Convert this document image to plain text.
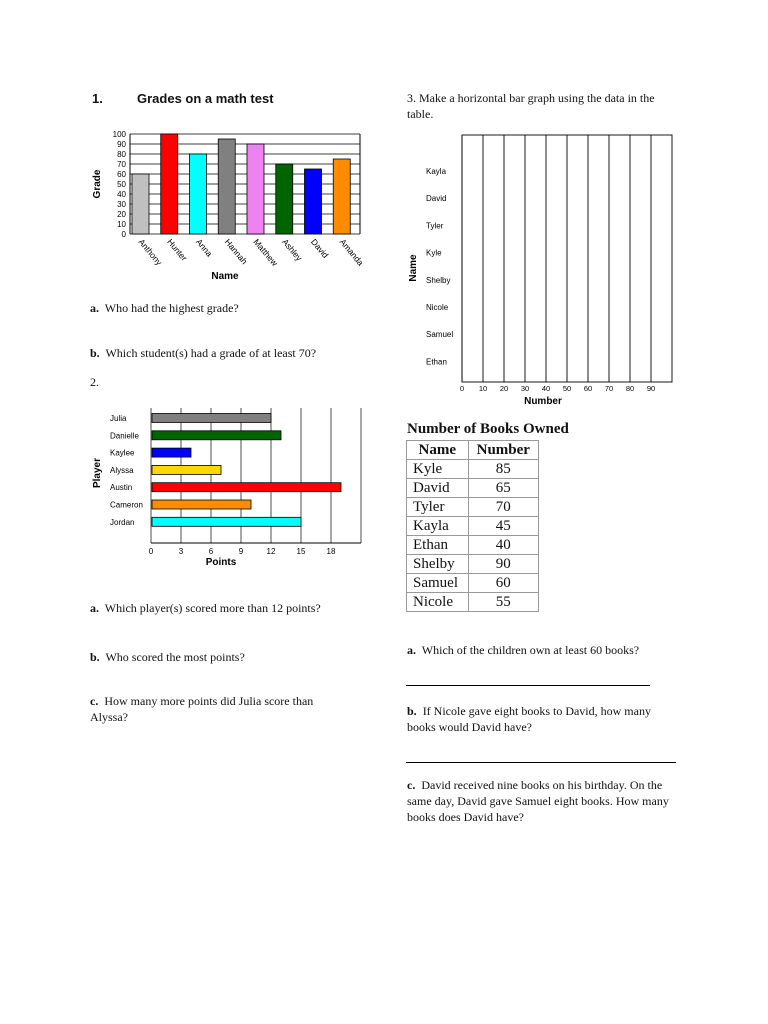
1.	Grades on a math test
0
10
20
30
40
50
60
70
80
90
100
Anthony Hunter Anna Hannah Matthew Ashley David Amanda
Grade
Name
a. Who had the highest grade?
b. Which student(s) had a grade of at least 70?
2.
0	3	6	9	12	15	18
Julia
Danielle
Kaylee
Alyssa
Austin
Cameron
Jordan
Player
Points
a. Which player(s) scored more than 12 points?
b. Who scored the most points?
c. How many more points did Julia score than Alyssa?
3. Make a horizontal bar graph using the data in the table.
0 10 20 30 40 50 60 70 80 90
Kayla
David
Tyler
Kyle
Shelby
Nicole
Samuel
Ethan
Name
Number
Number of Books Owned
Name	Number
Kyle	85
David	65
Tyler	70
Kayla	45
Ethan	40
Shelby	90
Samuel	60
Nicole	55
a. Which of the children own at least 60 books?
b. If Nicole gave eight books to David, how many books would David have?
c. David received nine books on his birthday. On the same day, David gave Samuel eight books. How many books does David have?
